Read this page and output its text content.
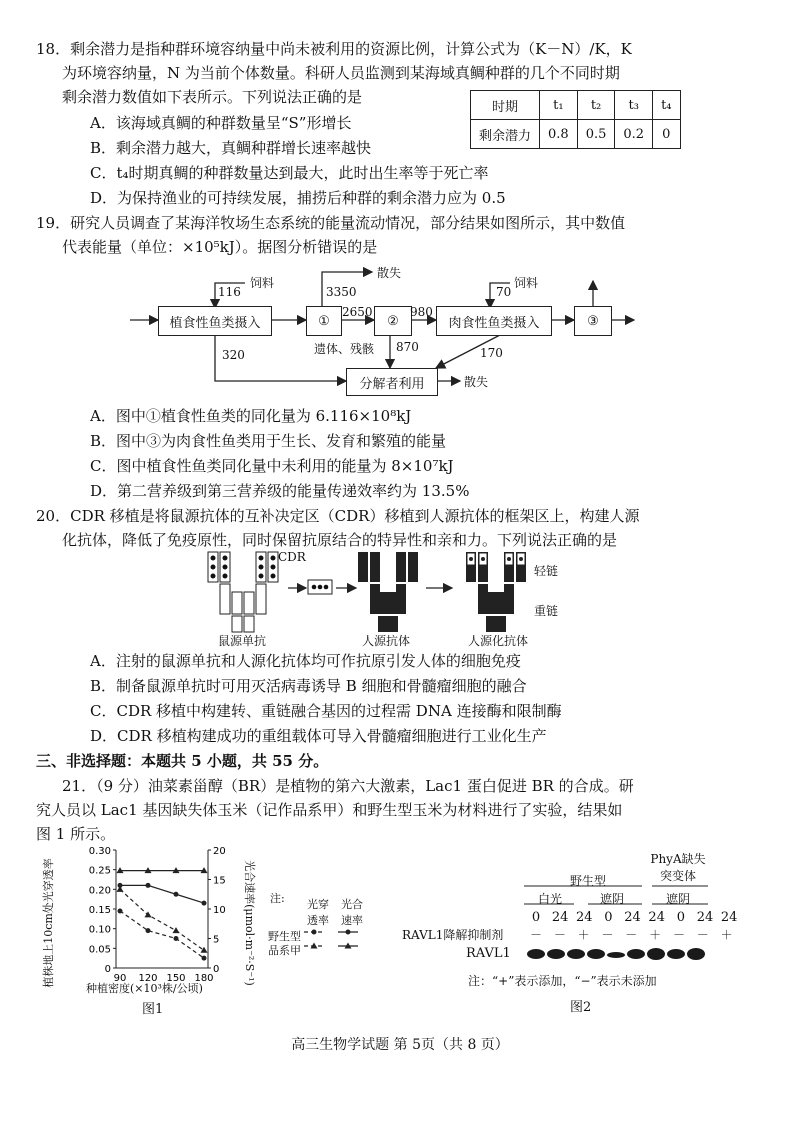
18．剩余潜力是指种群环境容纳量中尚未被利用的资源比例，计算公式为（K－N）/K，K
为环境容纳量，N 为当前个体数量。科研人员监测到某海域真鲷种群的几个不同时期
剩余潜力数值如下表所示。下列说法正确的是
时期	t₁	t₂	t₃	t₄
剩余潜力	0.8	0.5	0.2	0
A．该海域真鲷的种群数量呈“S”形增长
B．剩余潜力越大，真鲷种群增长速率越快
C．t₄时期真鲷的种群数量达到最大，此时出生率等于死亡率
D．为保持渔业的可持续发展，捕捞后种群的剩余潜力应为 0.5
19．研究人员调查了某海洋牧场生态系统的能量流动情况，部分结果如图所示，其中数值
代表能量（单位：×10⁵kJ）。据图分析错误的是
植食性鱼类摄入	①	②	肉食性鱼类摄入	③
分解者利用
饲料	饲料
散失
散失
遗体、残骸
116	3350
2650	980
70
320
870	170
A．图中①植食性鱼类的同化量为 6.116×10⁸kJ
B．图中③为肉食性鱼类用于生长、发育和繁殖的能量
C．图中植食性鱼类同化量中未利用的能量为 8×10⁷kJ
D．第二营养级到第三营养级的能量传递效率约为 13.5%
20．CDR 移植是将鼠源抗体的互补决定区（CDR）移植到人源抗体的框架区上，构建人源
化抗体，降低了免疫原性，同时保留抗原结合的特异性和亲和力。下列说法正确的是
CDR
轻链
重链
鼠源单抗	人源抗体	人源化抗体
A．注射的鼠源单抗和人源化抗体均可作抗原引发人体的细胞免疫
B．制备鼠源单抗时可用灭活病毒诱导 B 细胞和骨髓瘤细胞的融合
C．CDR 移植中构建转、重链融合基因的过程需 DNA 连接酶和限制酶
D．CDR 移植构建成功的重组载体可导入骨髓瘤细胞进行工业化生产
三、非选择题：本题共 5 小题，共 55 分。
21．（9 分）油菜素甾醇（BR）是植物的第六大激素，Lac1 蛋白促进 BR 的合成。研
究人员以 Lac1 基因缺失体玉米（记作品系甲）和野生型玉米为材料进行了实验，结果如
图 1 所示。
0
0.05
0.10
0.15
0.20
0.25
0.30
0
5
10
15
20
90 120 150 180
植株地上10cm处光穿透率	光合速率(μmol·m⁻²·S⁻¹)
种植密度(×10³株/公顷)
图1
注: 光穿透率
光合速率
野生型
品系甲
PhyA缺失突变体
野生型
白光	遮阴	遮阴
0 24 24 0 24 24 0 24 24
RAVL1降解抑制剂	－ － ＋ － － ＋ － － ＋
RAVL1
注：“+”表示添加，“−”表示未添加
图2
高三生物学试题 第 5页（共 8 页）
